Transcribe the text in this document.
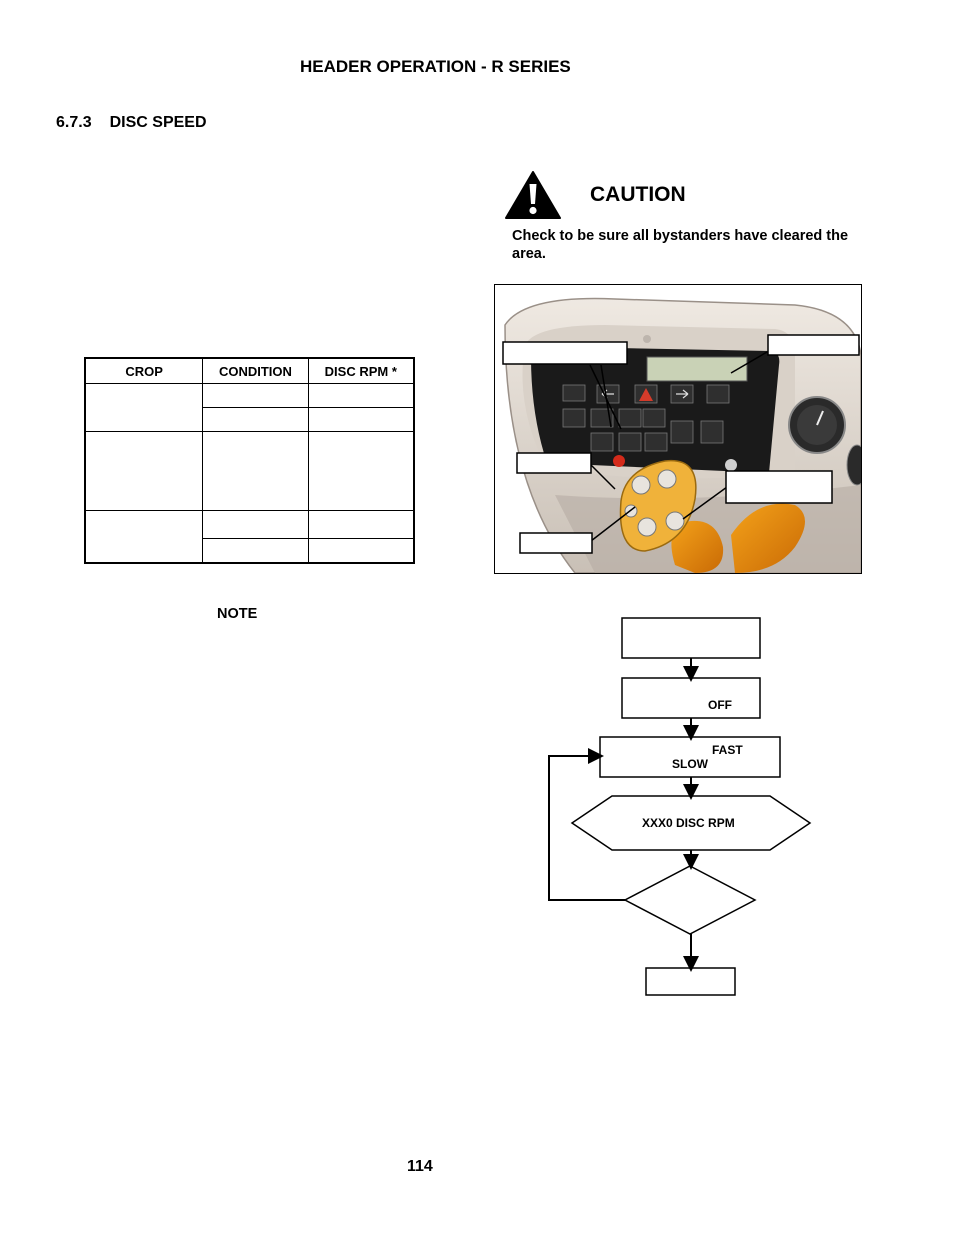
HEADER OPERATION - R SERIES
6.7.3 DISC SPEED
CAUTION
Check to be sure all bystanders have cleared the area.
CROP	CONDITION	DISC RPM *

NOTE
OFF
FAST
SLOW
XXX0 DISC RPM
114
